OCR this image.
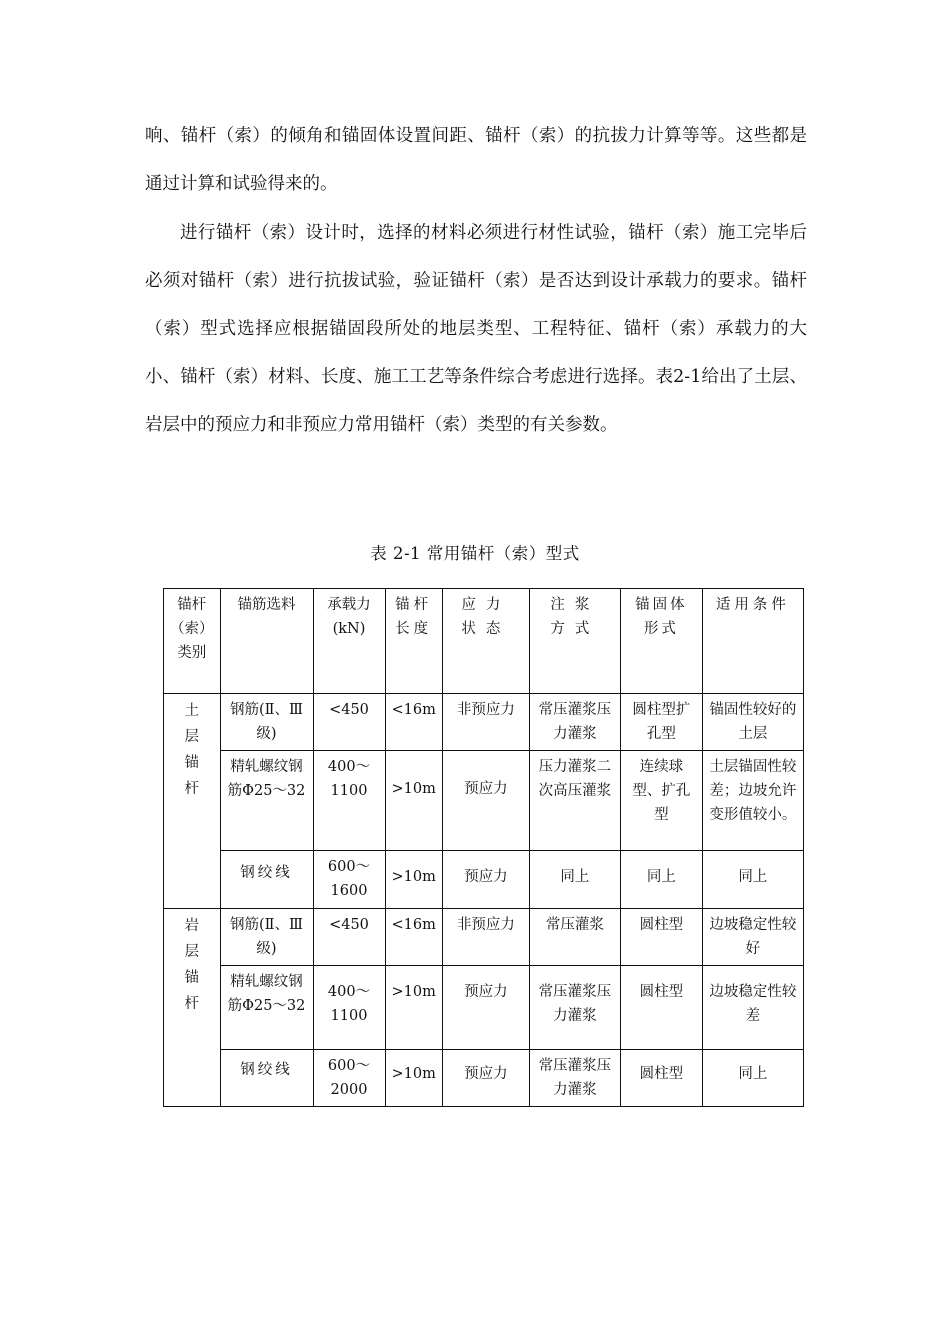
响、锚杆（索）的倾角和锚固体设置间距、锚杆（索）的抗拔力计算等等。这些都是通过计算和试验得来的。

进行锚杆（索）设计时，选择的材料必须进行材性试验，锚杆（索）施工完毕后必须对锚杆（索）进行抗拔试验，验证锚杆（索）是否达到设计承载力的要求。锚杆（索）型式选择应根据锚固段所处的地层类型、工程特征、锚杆（索）承载力的大小、锚杆（索）材料、长度、施工工艺等条件综合考虑进行选择。表2-1给出了土层、岩层中的预应力和非预应力常用锚杆（索）类型的有关参数。

表 2-1 常用锚杆（索）型式
锚杆（索）类别	锚筋选料	承载力(kN)	锚杆长度	应力状态	注浆方式	锚固体形式	适用条件

土层锚杆	钢筋(Ⅱ、Ⅲ级)	<450	<16m	非预应力	常压灌浆压力灌浆	圆柱型扩孔型	锚固性较好的土层
	精轧螺纹钢筋Φ25～32	400～1100	>10m	预应力	压力灌浆二次高压灌浆	连续球型、扩孔型	土层锚固性较差；边坡允许变形值较小。
	钢绞线	600～1600	>10m	预应力	同上	同上	同上

岩层锚杆	钢筋(Ⅱ、Ⅲ级)	<450	<16m	非预应力	常压灌浆	圆柱型	边坡稳定性较好
	精轧螺纹钢筋Φ25～32	400～1100	>10m	预应力	常压灌浆压力灌浆	圆柱型	边坡稳定性较差
	钢绞线	600～2000	>10m	预应力	常压灌浆压力灌浆	圆柱型	同上
